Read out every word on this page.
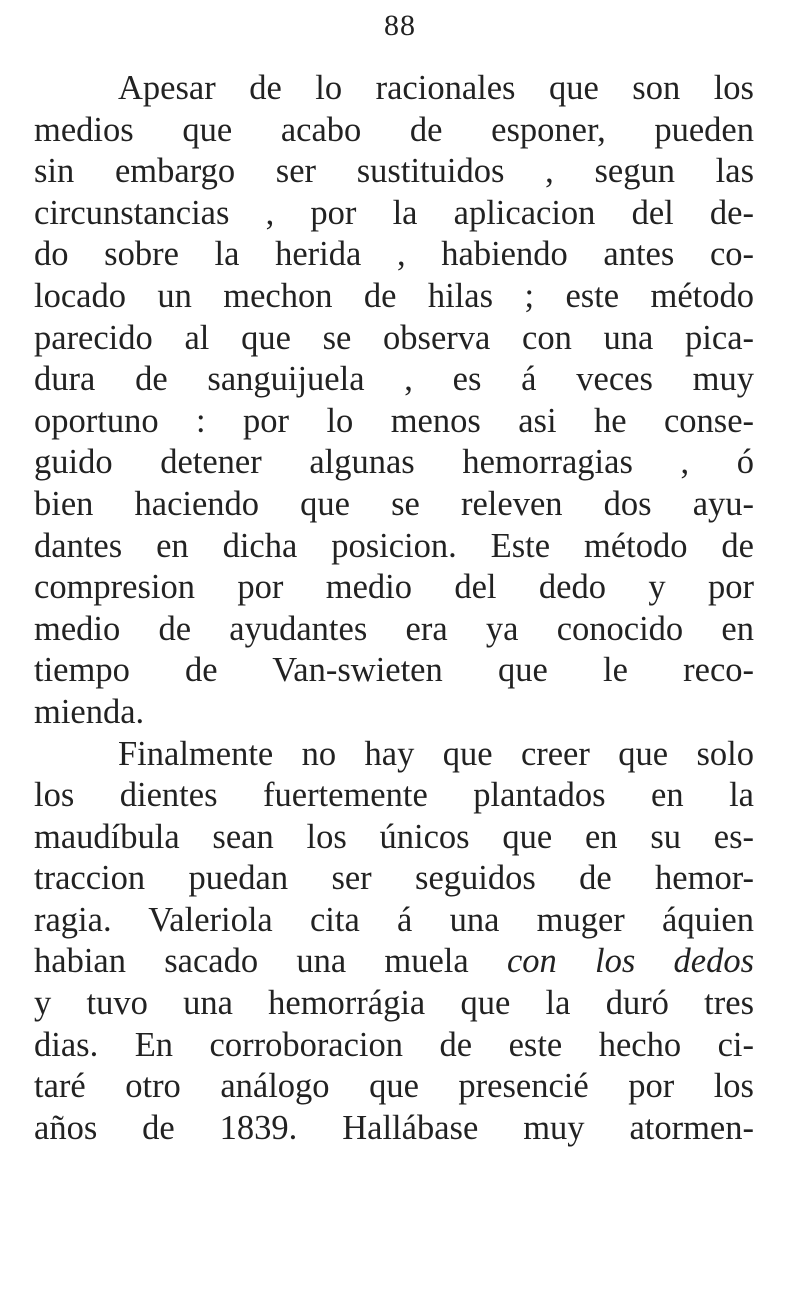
88
Apesar de lo racionales que son los
medios que acabo de esponer, pueden
sin embargo ser sustituidos , segun las
circunstancias , por la aplicacion del de-
do sobre la herida , habiendo antes co-
locado un mechon de hilas ; este método
parecido al que se observa con una pica-
dura de sanguijuela , es á veces muy
oportuno : por lo menos asi he conse-
guido detener algunas hemorragias , ó
bien haciendo que se releven dos ayu-
dantes en dicha posicion. Este método de
compresion por medio del dedo y por
medio de ayudantes era ya conocido en
tiempo de Van-swieten que le reco-
mienda.
Finalmente no hay que creer que solo
los dientes fuertemente plantados en la
maudíbula sean los únicos que en su es-
traccion puedan ser seguidos de hemor-
ragia. Valeriola cita á una muger áquien
habian sacado una muela con los dedos
y tuvo una hemorrágia que la duró tres
dias. En corroboracion de este hecho ci-
taré otro análogo que presencié por los
años de 1839. Hallábase muy atormen-
